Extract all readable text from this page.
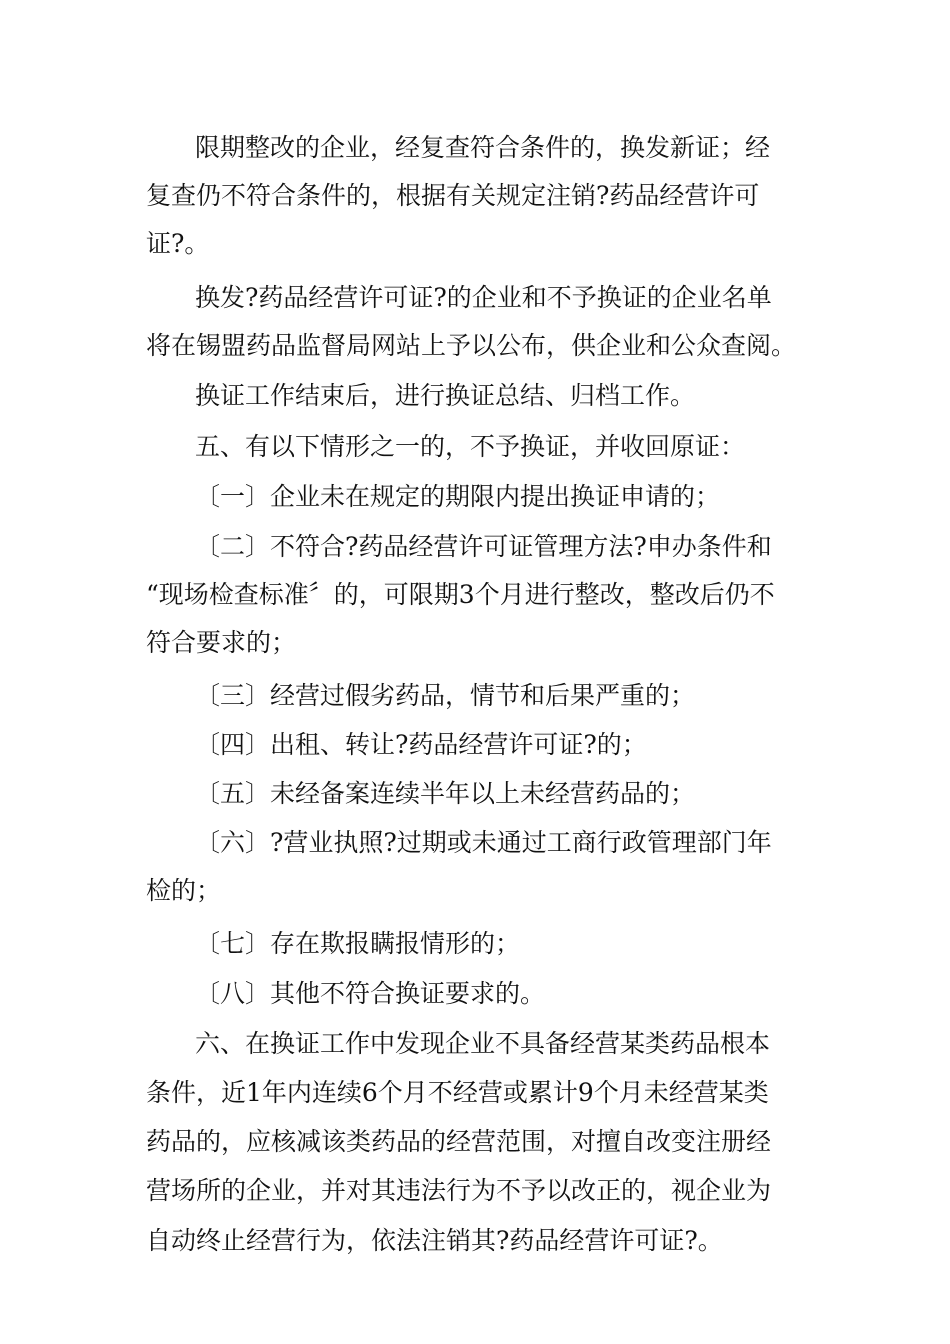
限期整改的企业，经复查符合条件的，换发新证；经
复查仍不符合条件的，根据有关规定注销?药品经营许可
证?。
换发?药品经营许可证?的企业和不予换证的企业名单
将在锡盟药品监督局网站上予以公布，供企业和公众查阅。
换证工作结束后，进行换证总结、归档工作。
五、有以下情形之一的，不予换证，并收回原证：
〔一〕企业未在规定的期限内提出换证申请的；
〔二〕不符合?药品经营许可证管理方法?申办条件和
“现场检查标准〞的，可限期3个月进行整改，整改后仍不
符合要求的；
〔三〕经营过假劣药品，情节和后果严重的；
〔四〕出租、转让?药品经营许可证?的；
〔五〕未经备案连续半年以上未经营药品的；
〔六〕?营业执照?过期或未通过工商行政管理部门年
检的；
〔七〕存在欺报瞒报情形的；
〔八〕其他不符合换证要求的。
六、在换证工作中发现企业不具备经营某类药品根本
条件，近1年内连续6个月不经营或累计9个月未经营某类
药品的，应核减该类药品的经营范围，对擅自改变注册经
营场所的企业，并对其违法行为不予以改正的，视企业为
自动终止经营行为，依法注销其?药品经营许可证?。
